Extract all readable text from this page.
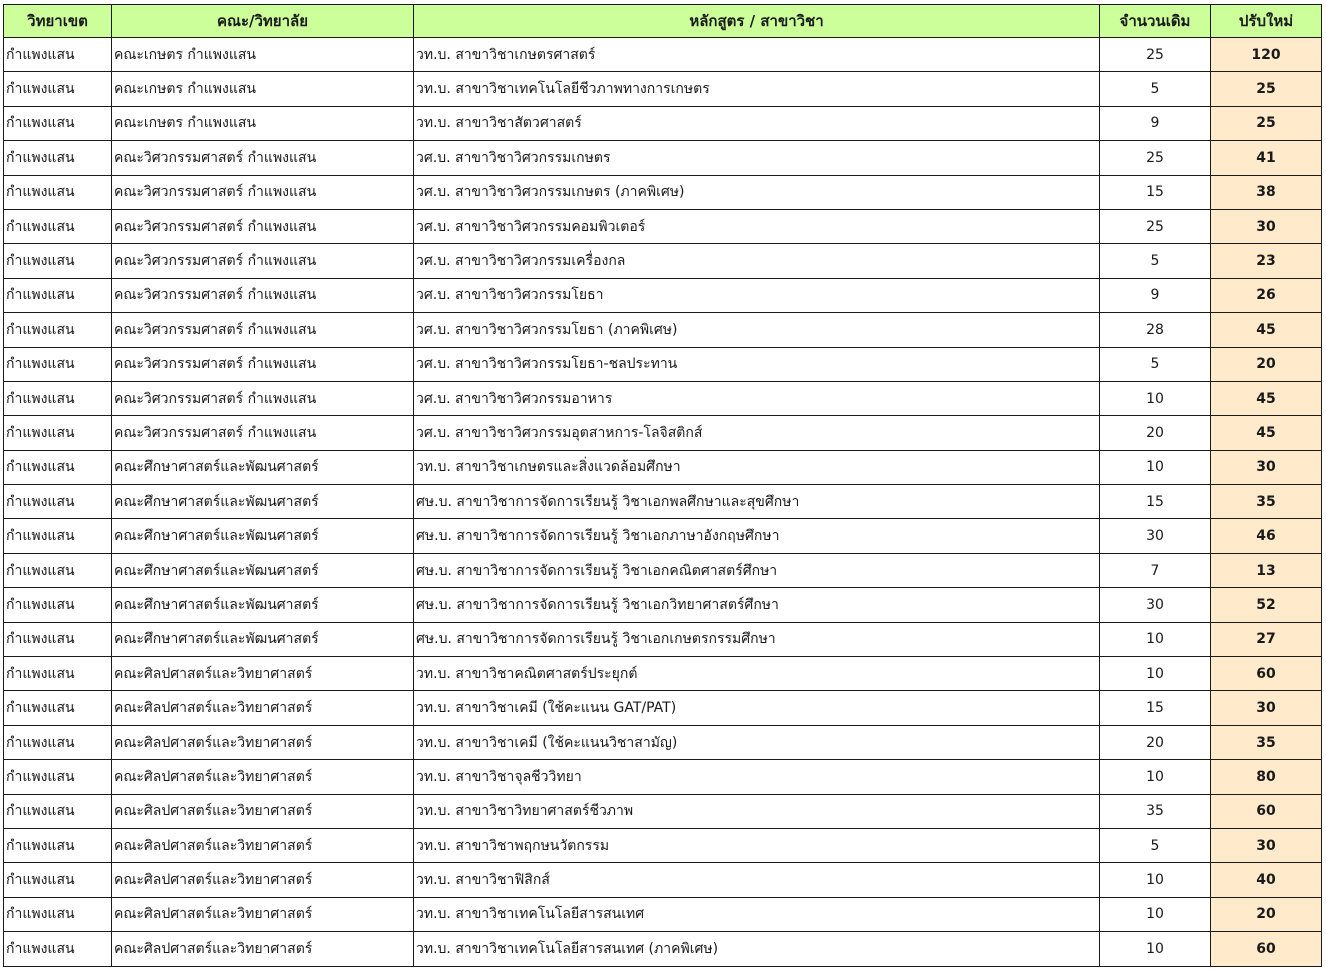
วิทยาเขต	คณะ/วิทยาลัย	หลักสูตร / สาขาวิชา	จำนวนเดิม	ปรับใหม่
กำแพงแสน	คณะเกษตร กำแพงแสน	วท.บ. สาขาวิชาเกษตรศาสตร์	25	120
กำแพงแสน	คณะเกษตร กำแพงแสน	วท.บ. สาขาวิชาเทคโนโลยีชีวภาพทางการเกษตร	5	25
กำแพงแสน	คณะเกษตร กำแพงแสน	วท.บ. สาขาวิชาสัตวศาสตร์	9	25
กำแพงแสน	คณะวิศวกรรมศาสตร์ กำแพงแสน	วศ.บ. สาขาวิชาวิศวกรรมเกษตร	25	41
กำแพงแสน	คณะวิศวกรรมศาสตร์ กำแพงแสน	วศ.บ. สาขาวิชาวิศวกรรมเกษตร (ภาคพิเศษ)	15	38
กำแพงแสน	คณะวิศวกรรมศาสตร์ กำแพงแสน	วศ.บ. สาขาวิชาวิศวกรรมคอมพิวเตอร์	25	30
กำแพงแสน	คณะวิศวกรรมศาสตร์ กำแพงแสน	วศ.บ. สาขาวิชาวิศวกรรมเครื่องกล	5	23
กำแพงแสน	คณะวิศวกรรมศาสตร์ กำแพงแสน	วศ.บ. สาขาวิชาวิศวกรรมโยธา	9	26
กำแพงแสน	คณะวิศวกรรมศาสตร์ กำแพงแสน	วศ.บ. สาขาวิชาวิศวกรรมโยธา (ภาคพิเศษ)	28	45
กำแพงแสน	คณะวิศวกรรมศาสตร์ กำแพงแสน	วศ.บ. สาขาวิชาวิศวกรรมโยธา-ชลประทาน	5	20
กำแพงแสน	คณะวิศวกรรมศาสตร์ กำแพงแสน	วศ.บ. สาขาวิชาวิศวกรรมอาหาร	10	45
กำแพงแสน	คณะวิศวกรรมศาสตร์ กำแพงแสน	วศ.บ. สาขาวิชาวิศวกรรมอุตสาหการ-โลจิสติกส์	20	45
กำแพงแสน	คณะศึกษาศาสตร์และพัฒนศาสตร์	วท.บ. สาขาวิชาเกษตรและสิ่งแวดล้อมศึกษา	10	30
กำแพงแสน	คณะศึกษาศาสตร์และพัฒนศาสตร์	ศษ.บ. สาขาวิชาการจัดการเรียนรู้ วิชาเอกพลศึกษาและสุขศึกษา	15	35
กำแพงแสน	คณะศึกษาศาสตร์และพัฒนศาสตร์	ศษ.บ. สาขาวิชาการจัดการเรียนรู้ วิชาเอกภาษาอังกฤษศึกษา	30	46
กำแพงแสน	คณะศึกษาศาสตร์และพัฒนศาสตร์	ศษ.บ. สาขาวิชาการจัดการเรียนรู้ วิชาเอกคณิตศาสตร์ศึกษา	7	13
กำแพงแสน	คณะศึกษาศาสตร์และพัฒนศาสตร์	ศษ.บ. สาขาวิชาการจัดการเรียนรู้ วิชาเอกวิทยาศาสตร์ศึกษา	30	52
กำแพงแสน	คณะศึกษาศาสตร์และพัฒนศาสตร์	ศษ.บ. สาขาวิชาการจัดการเรียนรู้ วิชาเอกเกษตรกรรมศึกษา	10	27
กำแพงแสน	คณะศิลปศาสตร์และวิทยาศาสตร์	วท.บ. สาขาวิชาคณิตศาสตร์ประยุกต์	10	60
กำแพงแสน	คณะศิลปศาสตร์และวิทยาศาสตร์	วท.บ. สาขาวิชาเคมี (ใช้คะแนน GAT/PAT)	15	30
กำแพงแสน	คณะศิลปศาสตร์และวิทยาศาสตร์	วท.บ. สาขาวิชาเคมี (ใช้คะแนนวิชาสามัญ)	20	35
กำแพงแสน	คณะศิลปศาสตร์และวิทยาศาสตร์	วท.บ. สาขาวิชาจุลชีววิทยา	10	80
กำแพงแสน	คณะศิลปศาสตร์และวิทยาศาสตร์	วท.บ. สาขาวิชาวิทยาศาสตร์ชีวภาพ	35	60
กำแพงแสน	คณะศิลปศาสตร์และวิทยาศาสตร์	วท.บ. สาขาวิชาพฤกษนวัตกรรม	5	30
กำแพงแสน	คณะศิลปศาสตร์และวิทยาศาสตร์	วท.บ. สาขาวิชาฟิสิกส์	10	40
กำแพงแสน	คณะศิลปศาสตร์และวิทยาศาสตร์	วท.บ. สาขาวิชาเทคโนโลยีสารสนเทศ	10	20
กำแพงแสน	คณะศิลปศาสตร์และวิทยาศาสตร์	วท.บ. สาขาวิชาเทคโนโลยีสารสนเทศ (ภาคพิเศษ)	10	60
